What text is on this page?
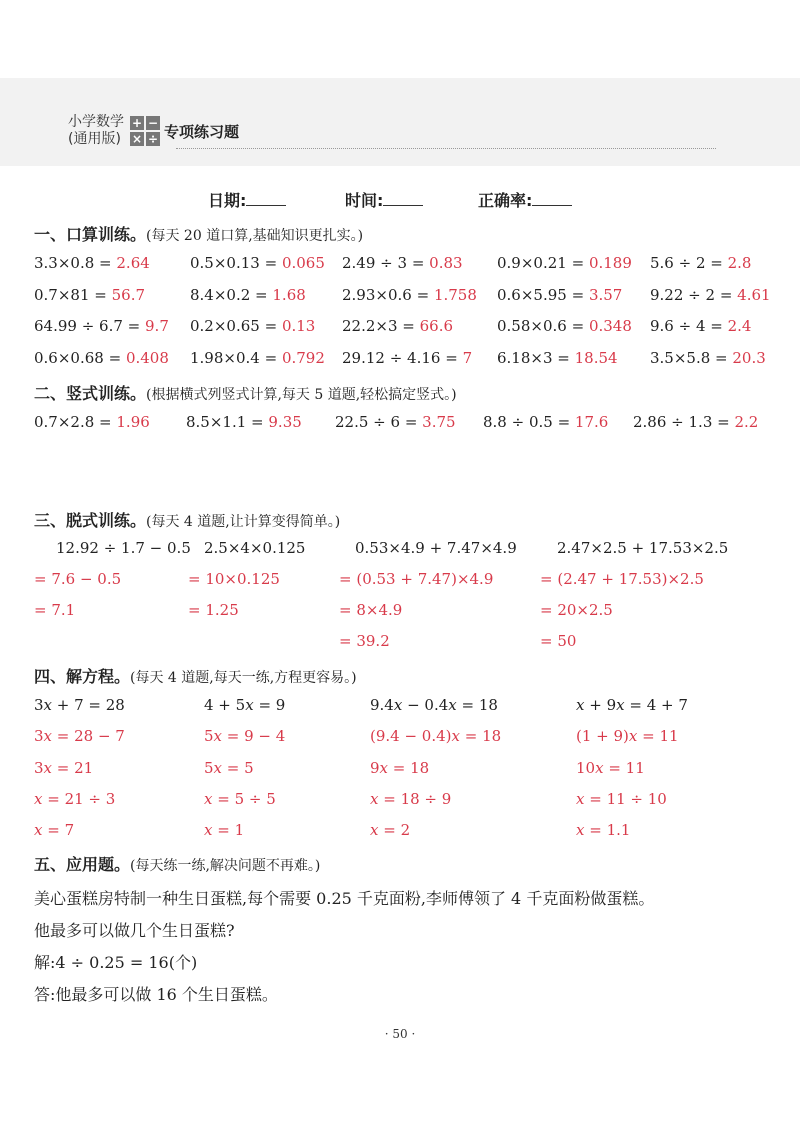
小学数学
(通用版)
+ −
× ÷ 专项练习题
日期:	时间:	正确率:
一、口算训练。(每天 20 道口算,基础知识更扎实。)
3.3×0.8 = 2.64	0.5×0.13 = 0.065 2.49 ÷ 3 = 0.83 0.9×0.21 = 0.189 5.6 ÷ 2 = 2.8
0.7×81 = 56.7	8.4×0.2 = 1.68 2.93×0.6 = 1.758 0.6×5.95 = 3.57 9.22 ÷ 2 = 4.61
64.99 ÷ 6.7 = 9.7 0.2×0.65 = 0.13 22.2×3 = 66.6	0.58×0.6 = 0.348 9.6 ÷ 4 = 2.4
0.6×0.68 = 0.408 1.98×0.4 = 0.792 29.12 ÷ 4.16 = 7 6.18×3 = 18.54 3.5×5.8 = 20.3
二、竖式训练。(根据横式列竖式计算,每天 5 道题,轻松搞定竖式。)
0.7×2.8 = 1.96 8.5×1.1 = 9.35 22.5 ÷ 6 = 3.75 8.8 ÷ 0.5 = 17.6 2.86 ÷ 1.3 = 2.2
三、脱式训练。(每天 4 道题,让计算变得简单。)
12.92 ÷ 1.7 − 0.5
= 7.6 − 0.5
= 7.1
2.5×4×0.125
= 10×0.125
= 1.25
0.53×4.9 + 7.47×4.9
= (0.53 + 7.47)×4.9
= 8×4.9
= 39.2
2.47×2.5 + 17.53×2.5
= (2.47 + 17.53)×2.5
= 20×2.5
= 50
四、解方程。(每天 4 道题,每天一练,方程更容易。)
3x + 7 = 28
3x = 28 − 7
3x = 21
x = 21 ÷ 3
x = 7
4 + 5x = 9
5x = 9 − 4
5x = 5
x = 5 ÷ 5
x = 1
9.4x − 0.4x = 18
(9.4 − 0.4)x = 18
9x = 18
x = 18 ÷ 9
x = 2
x + 9x = 4 + 7
(1 + 9)x = 11
10x = 11
x = 11 ÷ 10
x = 1.1
五、应用题。(每天练一练,解决问题不再难。)
美心蛋糕房特制一种生日蛋糕,每个需要 0.25 千克面粉,李师傅领了 4 千克面粉做蛋糕。
他最多可以做几个生日蛋糕?
解:4 ÷ 0.25 = 16(个)
答:他最多可以做 16 个生日蛋糕。
· 50 ·
